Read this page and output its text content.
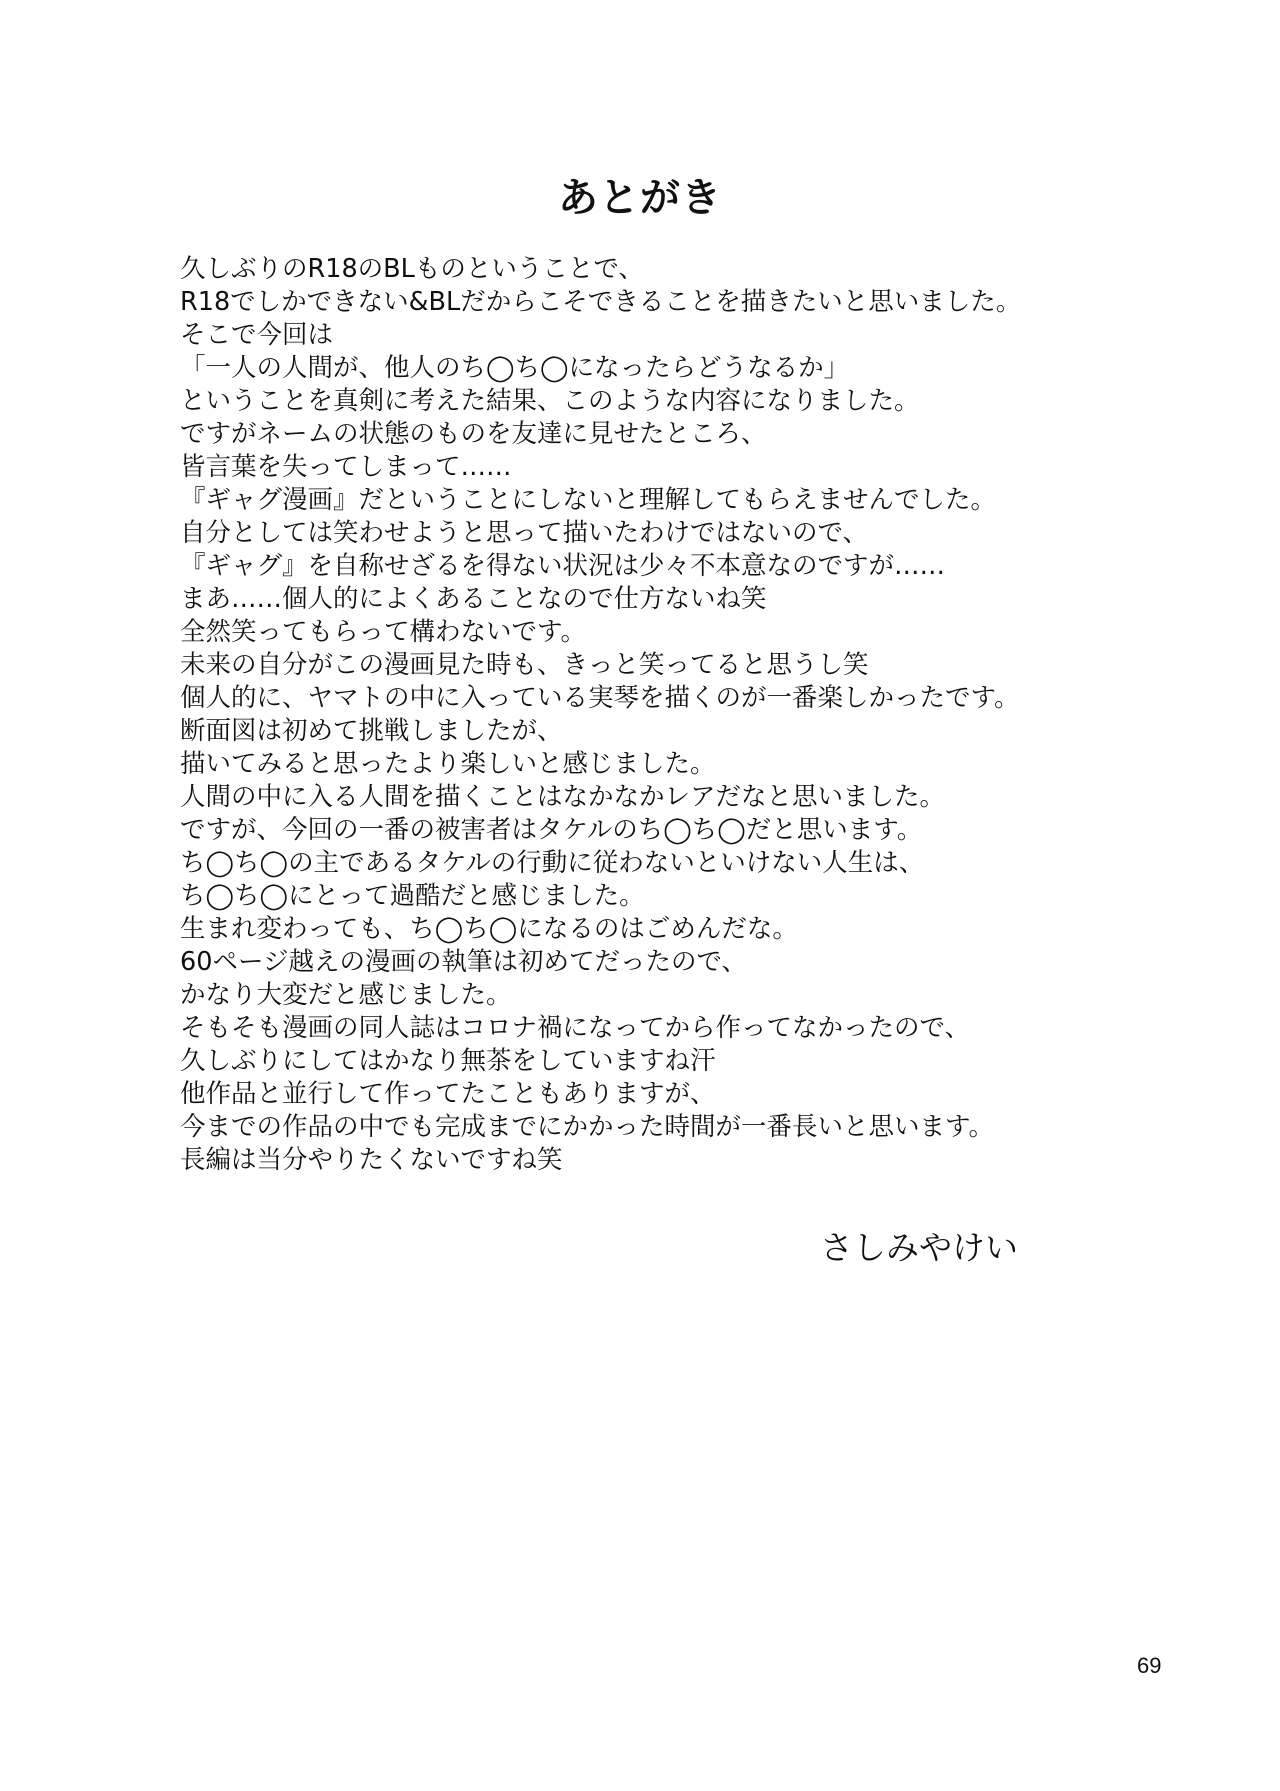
あとがき
久しぶりのR18のBLものということで、
R18でしかできない&BLだからこそできることを描きたいと思いました。
そこで今回は
「一人の人間が、他人のち◯ち◯になったらどうなるか」
ということを真剣に考えた結果、このような内容になりました。
ですがネームの状態のものを友達に見せたところ、
皆言葉を失ってしまって……
『ギャグ漫画』だということにしないと理解してもらえませんでした。
自分としては笑わせようと思って描いたわけではないので、
『ギャグ』を自称せざるを得ない状況は少々不本意なのですが……
まあ……個人的によくあることなので仕方ないね笑
全然笑ってもらって構わないです。
未来の自分がこの漫画見た時も、きっと笑ってると思うし笑
個人的に、ヤマトの中に入っている実琴を描くのが一番楽しかったです。
断面図は初めて挑戦しましたが、
描いてみると思ったより楽しいと感じました。
人間の中に入る人間を描くことはなかなかレアだなと思いました。
ですが、今回の一番の被害者はタケルのち◯ち◯だと思います。
ち◯ち◯の主であるタケルの行動に従わないといけない人生は、
ち◯ち◯にとって過酷だと感じました。
生まれ変わっても、ち◯ち◯になるのはごめんだな。
60ページ越えの漫画の執筆は初めてだったので、
かなり大変だと感じました。
そもそも漫画の同人誌はコロナ禍になってから作ってなかったので、
久しぶりにしてはかなり無茶をしていますね汗
他作品と並行して作ってたこともありますが、
今までの作品の中でも完成までにかかった時間が一番長いと思います。
長編は当分やりたくないですね笑
さしみやけい
69
